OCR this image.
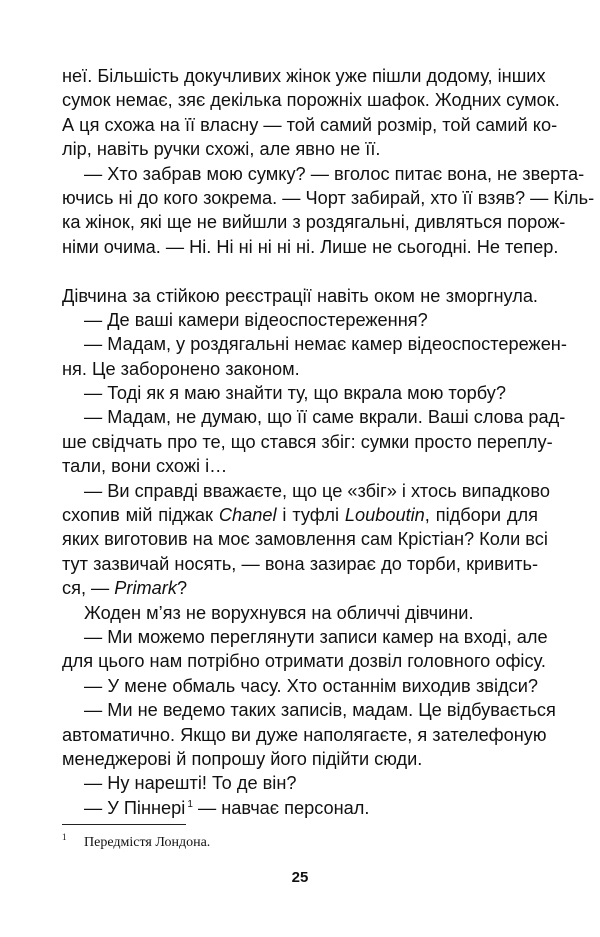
неї. Більшість докучливих жінок уже пішли додому, інших
сумок немає, зяє декілька порожніх шафок. Жодних сумок.
А ця схожа на її власну — той самий розмір, той самий ко-
лір, навіть ручки схожі, але явно не її.
— Хто забрав мою сумку? — вголос питає вона, не зверта-
ючись ні до кого зокрема. — Чорт забирай, хто її взяв? — Кіль-
ка жінок, які ще не вийшли з роздягальні, дивляться порож-
німи очима. — Ні. Ні ні ні ні ні. Лише не сьогодні. Не тепер.
Дівчина за стійкою реєстрації навіть оком не зморгнула.
— Де ваші камери відеоспостереження?
— Мадам, у роздягальні немає камер відеоспостережен-
ня. Це заборонено законом.
— Тоді як я маю знайти ту, що вкрала мою торбу?
— Мадам, не думаю, що її саме вкрали. Ваші слова рад-
ше свідчать про те, що стався збіг: сумки просто переплу-
тали, вони схожі і…
— Ви справді вважаєте, що це «збіг» і хтось випадково
схопив мій піджак Chanel і туфлі Louboutin, підбори для
яких виготовив на моє замовлення сам Крістіан? Коли всі
тут зазвичай носять, — вона зазирає до торби, кривить-
ся, — Primark?
Жоден м’яз не ворухнувся на обличчі дівчини.
— Ми можемо переглянути записи камер на вході, але
для цього нам потрібно отримати дозвіл головного офісу.
— У мене обмаль часу. Хто останнім виходив звідси?
— Ми не ведемо таких записів, мадам. Це відбувається
автоматично. Якщо ви дуже наполягаєте, я зателефоную
менеджерові й попрошу його підійти сюди.
— Ну нарешті! То де він?
— У Піннері $^1$ — навчає персонал.
1 Передмістя Лондона.
25
